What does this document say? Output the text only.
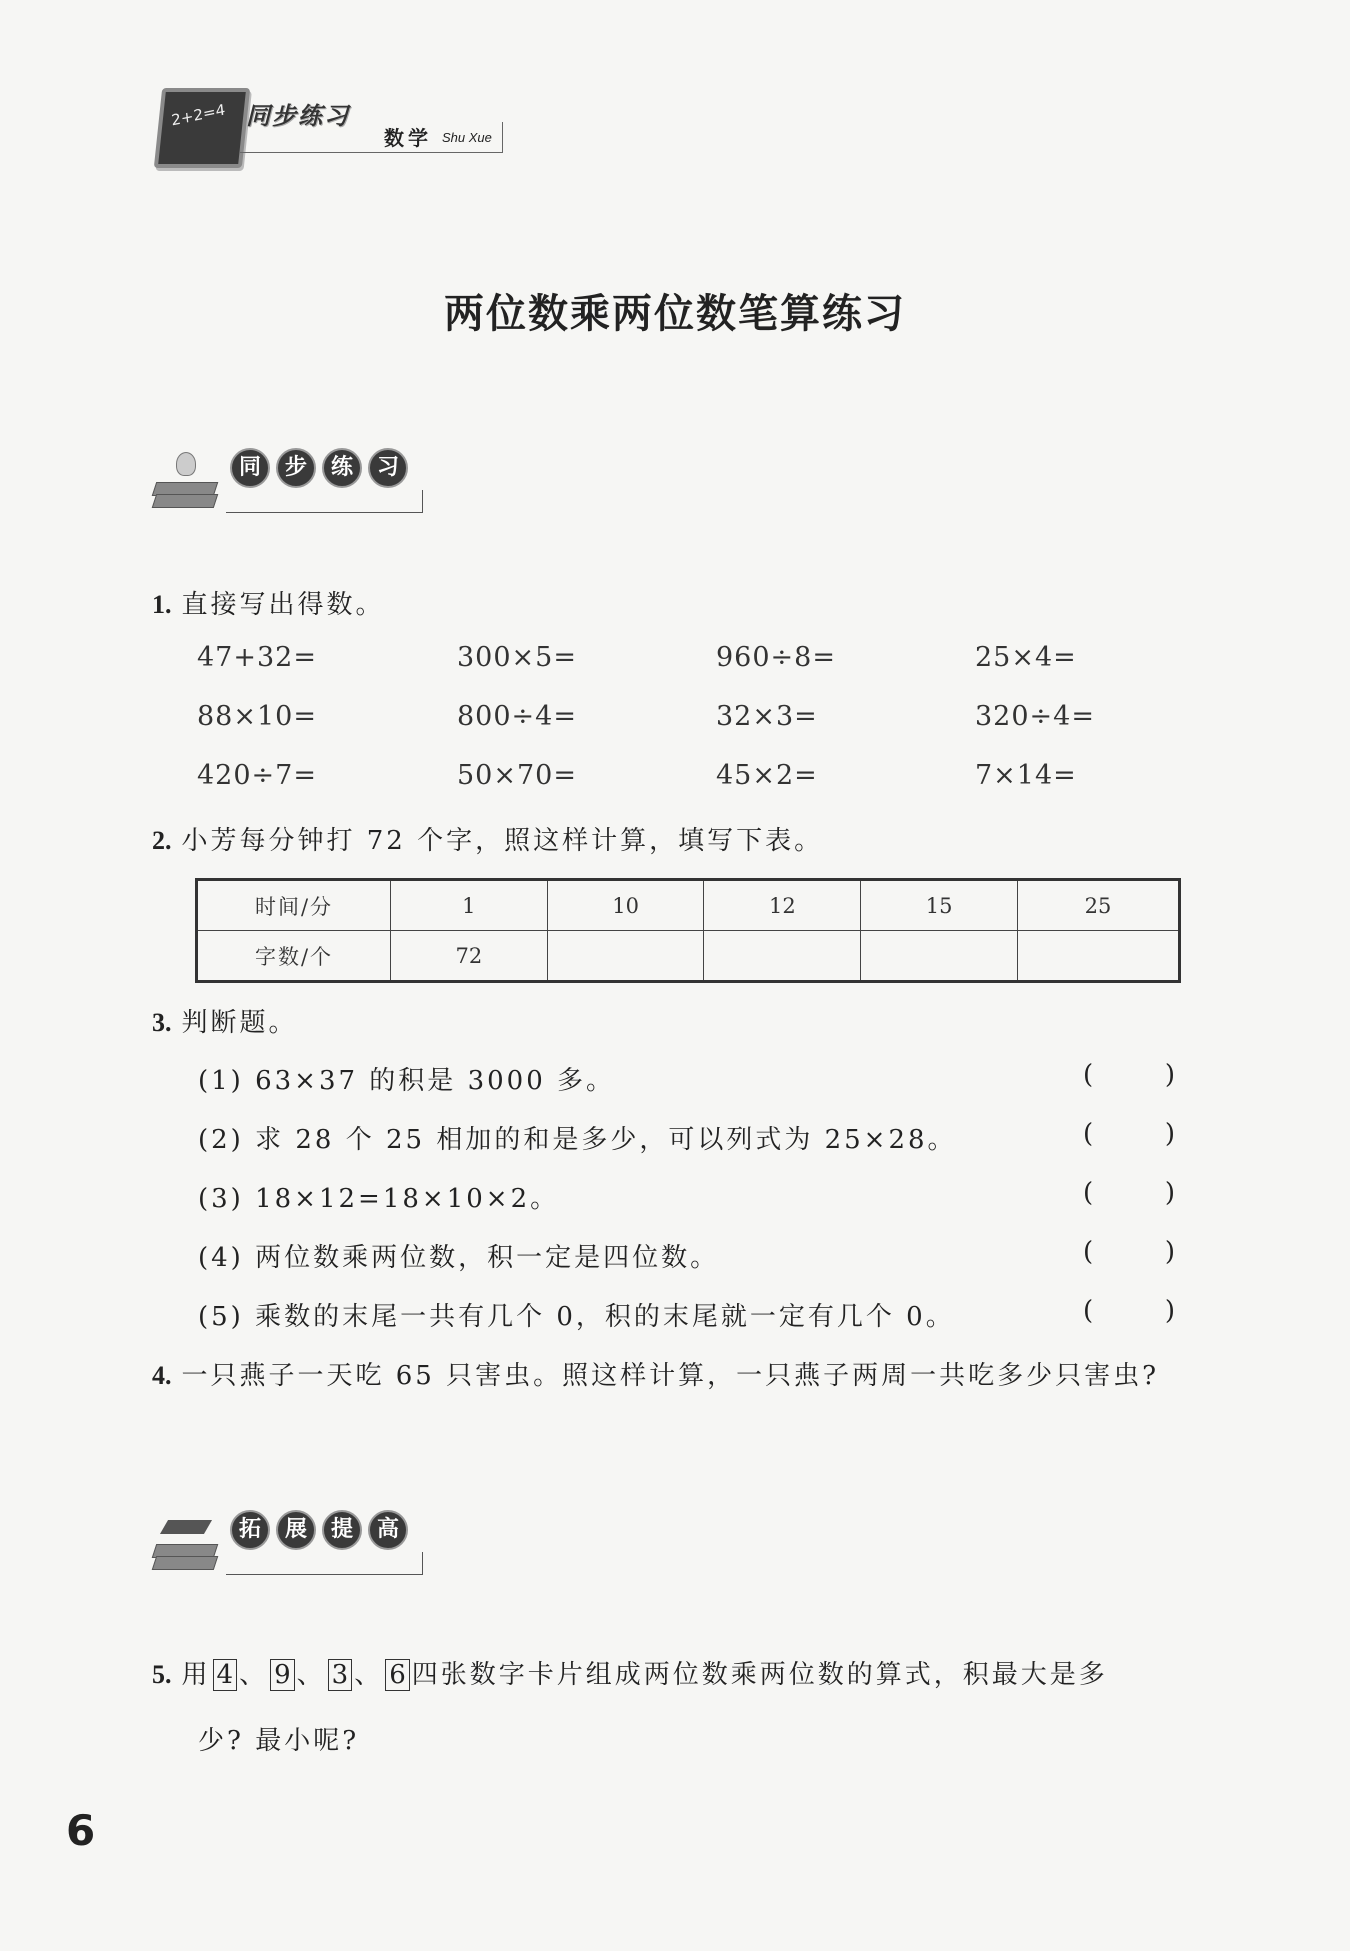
2+2=4 同步练习
数学 Shu Xue
两位数乘两位数笔算练习
同	步	练	习
1. 直接写出得数。
47+32=	300×5=	960÷8=	25×4=
88×10=	800÷4=	32×3=	320÷4=
420÷7=	50×70=	45×2=	7×14=
2. 小芳每分钟打 72 个字，照这样计算，填写下表。
时间/分	1	10	12	15	25
字数/个	72				
3. 判断题。
(1) 63×37 的积是 3000 多。	(	)
(2) 求 28 个 25 相加的和是多少，可以列式为 25×28。	(	)
(3) 18×12=18×10×2。	(	)
(4) 两位数乘两位数，积一定是四位数。	(	)
(5) 乘数的末尾一共有几个 0，积的末尾就一定有几个 0。	(	)
4. 一只燕子一天吃 65 只害虫。照这样计算，一只燕子两周一共吃多少只害虫?
拓	展	提	高
5. 用 4 、 9 、 3 、 6 四张数字卡片组成两位数乘两位数的算式，积最大是多
少? 最小呢?
6
